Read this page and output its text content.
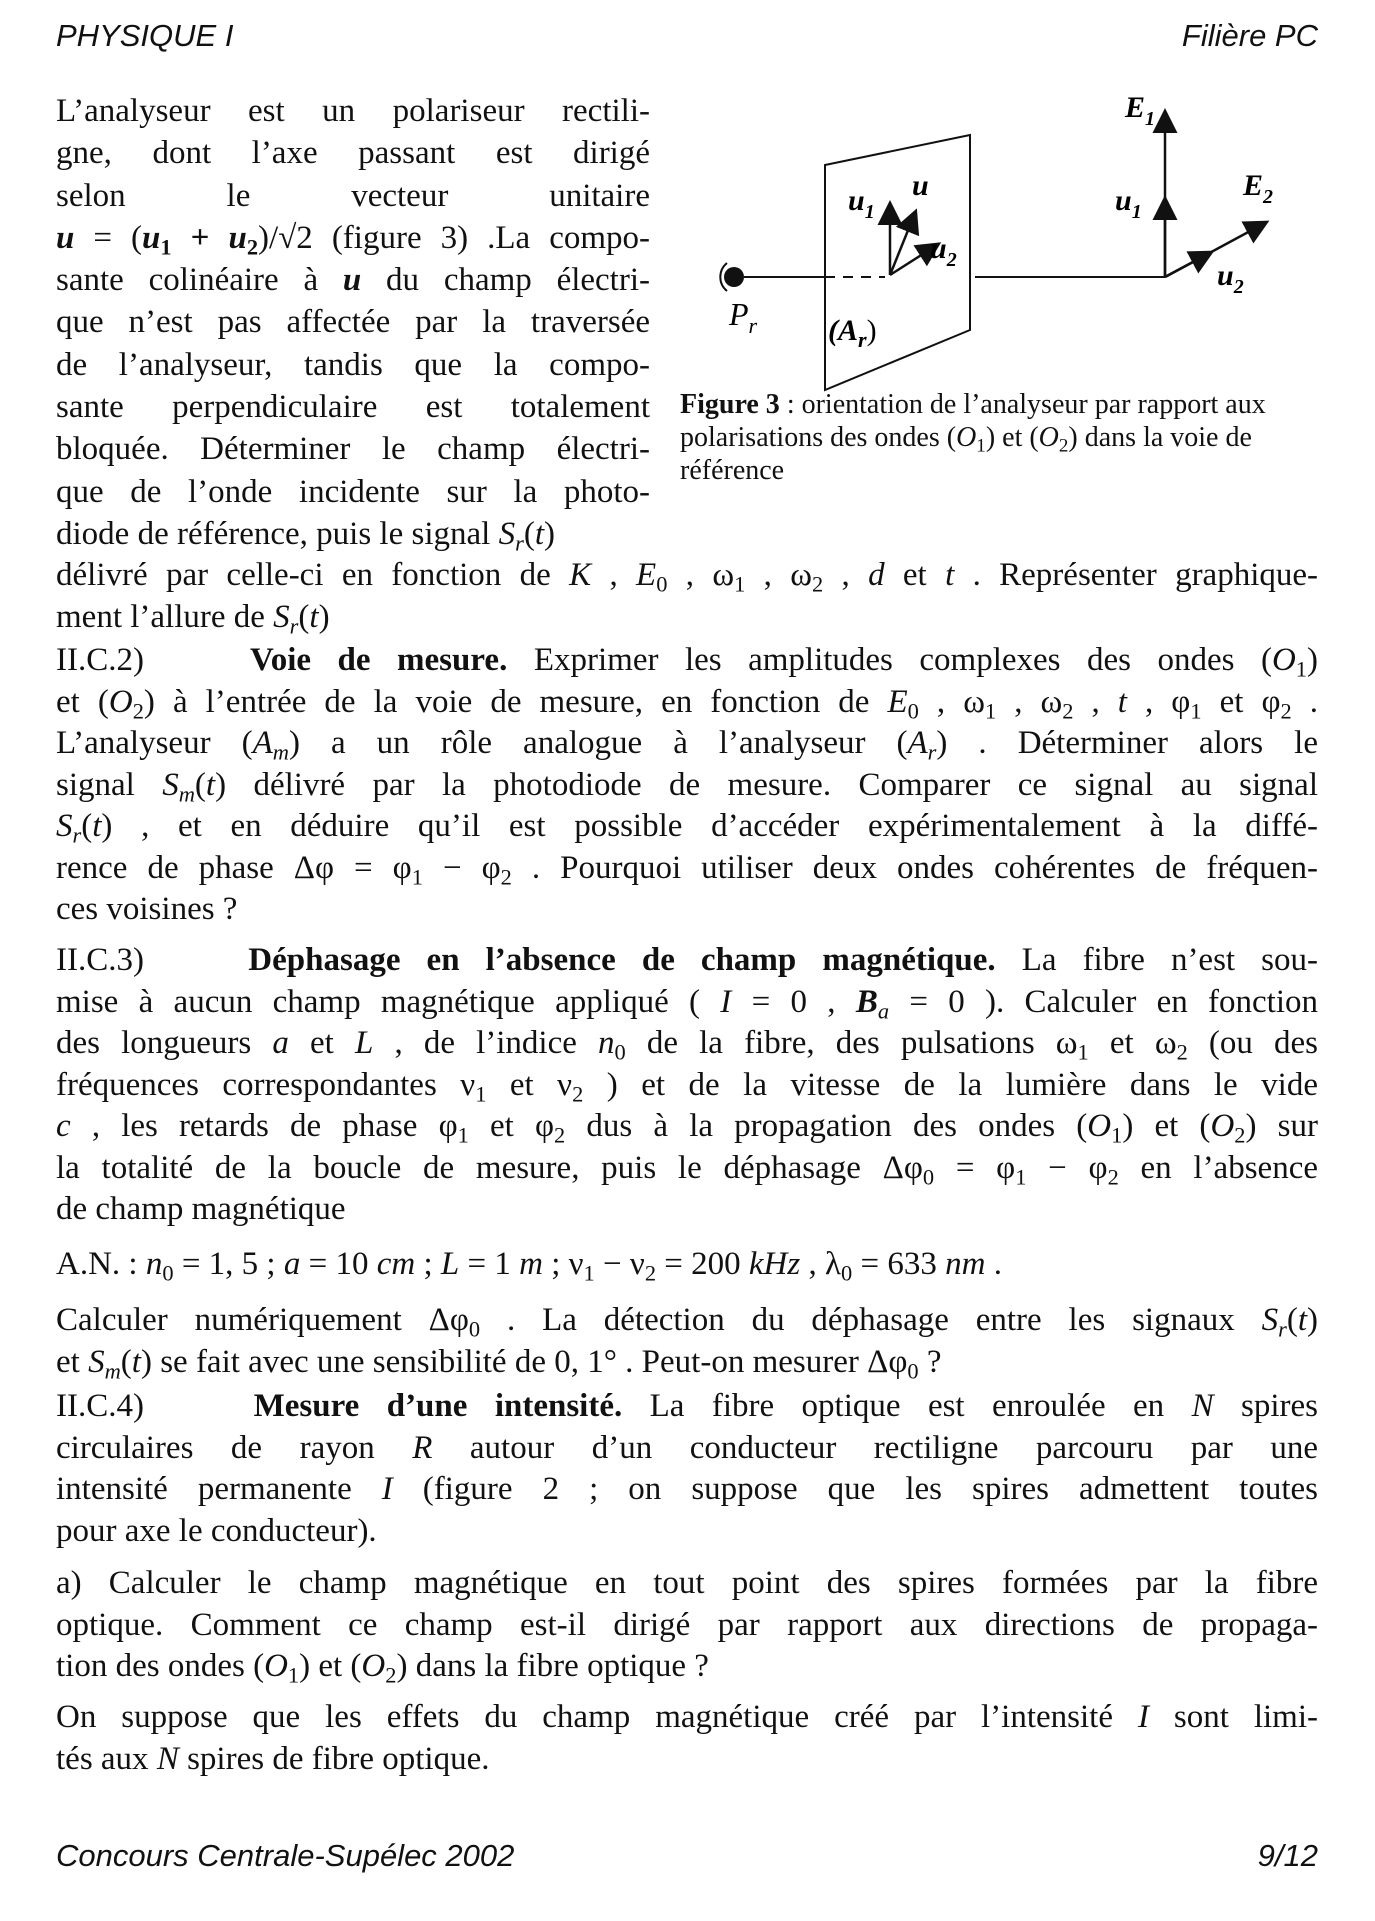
PHYSIQUE I	Filière PC
L’analyseur est un polariseur rectili-
gne, dont l’axe passant est dirigé
selon le vecteur unitaire
$u = (u_1 + u_2)/√2$ (figure 3) .La compo-
sante colinéaire à u du champ électri-
que n’est pas affectée par la traversée
de l’analyseur, tandis que la compo-
sante perpendiculaire est totalement
bloquée. Déterminer le champ électri-
que de l’onde incidente sur la photo-
diode de référence, puis le signal $S_r(t)$
$P_r$ $(A_r)$
$u_1$
u
$u_2$
$E_1$
$u_1$
$E_2$
$u_2$
Figure 3 : orientation de l’analyseur par rapport aux polarisations des ondes $(O_1)$ et $(O_2)$ dans la voie de référence
délivré par celle-ci en fonction de K , $E_0$ , $\omega_1$ , $\omega_2$ , d et t . Représenter graphique-
ment l’allure de $S_r(t)$
II.C.2)	Voie de mesure. Exprimer les amplitudes complexes des ondes $(O_1)$
et $(O_2)$ à l’entrée de la voie de mesure, en fonction de $E_0$ , $\omega_1$ , $\omega_2$ , t , $\varphi_1$ et $\varphi_2$ .
L’analyseur $(A_m)$ a un rôle analogue à l’analyseur $(A_r)$ . Déterminer alors le
signal $S_m(t)$ délivré par la photodiode de mesure. Comparer ce signal au signal
$S_r(t)$ , et en déduire qu’il est possible d’accéder expérimentalement à la diffé-
rence de phase $\Delta\varphi = \varphi_1 - \varphi_2$ . Pourquoi utiliser deux ondes cohérentes de fréquen-
ces voisines ?
II.C.3)	Déphasage en l’absence de champ magnétique. La fibre n’est sou-
mise à aucun champ magnétique appliqué ( I = 0 , $B_a = 0$ ). Calculer en fonction
des longueurs a et L , de l’indice $n_0$ de la fibre, des pulsations $\omega_1$ et $\omega_2$ (ou des
fréquences correspondantes $\nu_1$ et $\nu_2$ ) et de la vitesse de la lumière dans le vide
c , les retards de phase $\varphi_1$ et $\varphi_2$ dus à la propagation des ondes $(O_1)$ et $(O_2)$ sur
la totalité de la boucle de mesure, puis le déphasage $\Delta\varphi_0 = \varphi_1 - \varphi_2$ en l’absence
de champ magnétique

A.N. : $n_0 = 1$, 5 ; a = 10 cm ; L = 1 m ; $\nu_1 - \nu_2 = 200$ kHz , $\lambda_0 = 633$ nm .

Calculer numériquement $\Delta\varphi_0$ . La détection du déphasage entre les signaux $S_r(t)$
et $S_m(t)$ se fait avec une sensibilité de 0, 1° . Peut-on mesurer $\Delta\varphi_0$ ?
II.C.4)	Mesure d’une intensité. La fibre optique est enroulée en N spires
circulaires de rayon R autour d’un conducteur rectiligne parcouru par une
intensité permanente I (figure 2 ; on suppose que les spires admettent toutes
pour axe le conducteur).
a) Calculer le champ magnétique en tout point des spires formées par la fibre
optique. Comment ce champ est-il dirigé par rapport aux directions de propaga-
tion des ondes $(O_1)$ et $(O_2)$ dans la fibre optique ?
On suppose que les effets du champ magnétique créé par l’intensité I sont limi-
tés aux N spires de fibre optique.
Concours Centrale-Supélec 2002	9/12
